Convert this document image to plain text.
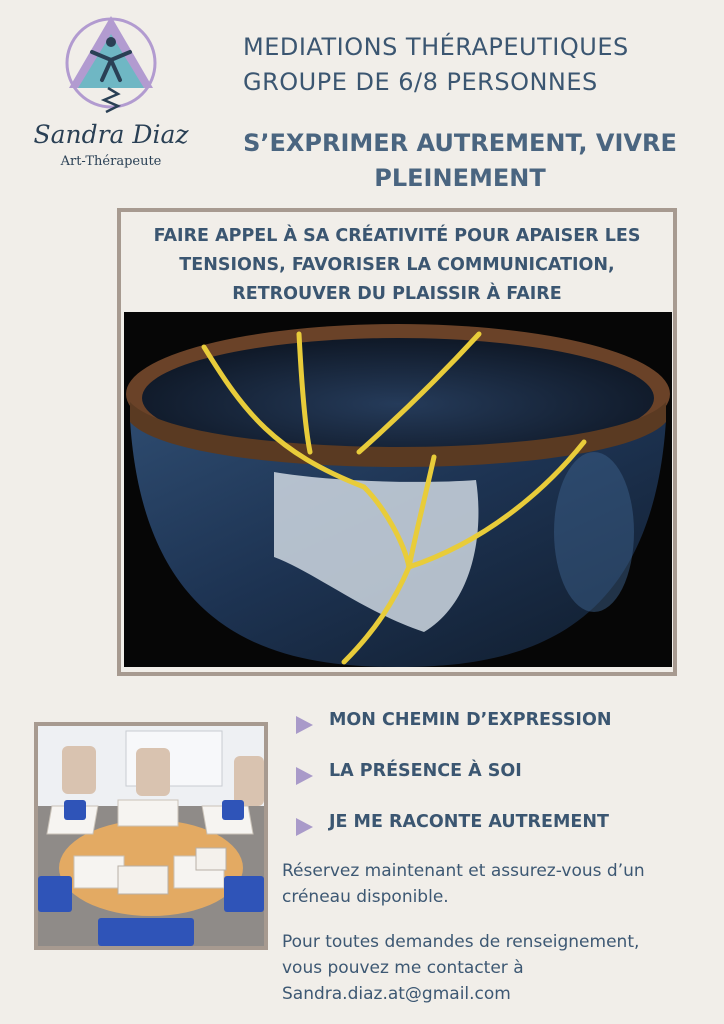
Sandra Diaz
Art-Thérapeute
MEDIATIONS THÉRAPEUTIQUES
GROUPE DE 6/8 PERSONNES
S’EXPRIMER AUTREMENT, VIVRE
PLEINEMENT
FAIRE APPEL À SA CRÉATIVITÉ POUR APAISER LES
TENSIONS, FAVORISER LA COMMUNICATION,
RETROUVER DU PLAISSIR À FAIRE
MON CHEMIN D’EXPRESSION
LA PRÉSENCE À SOI
JE ME RACONTE AUTREMENT
Réservez maintenant et assurez-vous d’un
créneau disponible.
Pour toutes demandes de renseignement,
vous pouvez me contacter à
Sandra.diaz.at@gmail.com
